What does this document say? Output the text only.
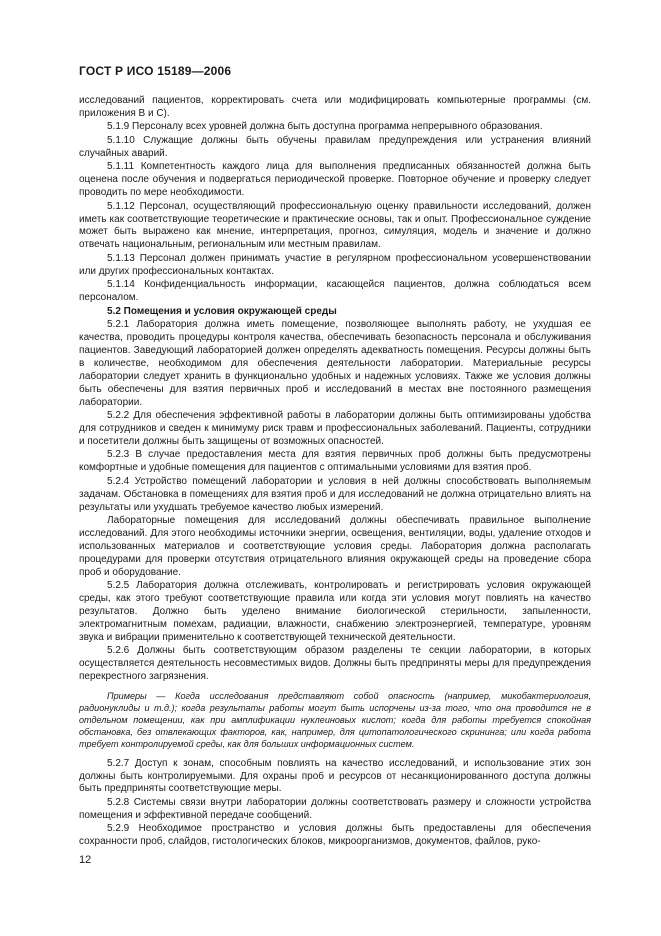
ГОСТ Р ИСО 15189—2006

исследований пациентов, корректировать счета или модифицировать компьютерные программы (см. приложения B и C).

5.1.9 Персоналу всех уровней должна быть доступна программа непрерывного образования.

5.1.10 Служащие должны быть обучены правилам предупреждения или устранения влияний случайных аварий.

5.1.11 Компетентность каждого лица для выполнения предписанных обязанностей должна быть оценена после обучения и подвергаться периодической проверке. Повторное обучение и проверку следует проводить по мере необходимости.

5.1.12 Персонал, осуществляющий профессиональную оценку правильности исследований, должен иметь как соответствующие теоретические и практические основы, так и опыт. Профессиональное суждение может быть выражено как мнение, интерпретация, прогноз, симуляция, модель и значение и должно отвечать национальным, региональным или местным правилам.

5.1.13 Персонал должен принимать участие в регулярном профессиональном усовершенствовании или других профессиональных контактах.

5.1.14 Конфиденциальность информации, касающейся пациентов, должна соблюдаться всем персоналом.

5.2 Помещения и условия окружающей среды

5.2.1 Лаборатория должна иметь помещение, позволяющее выполнять работу, не ухудшая ее качества, проводить процедуры контроля качества, обеспечивать безопасность персонала и обслуживания пациентов. Заведующий лабораторией должен определять адекватность помещения. Ресурсы должны быть в количестве, необходимом для обеспечения деятельности лаборатории. Материальные ресурсы лаборатории следует хранить в функционально удобных и надежных условиях. Также же условия должны быть обеспечены для взятия первичных проб и исследований в местах вне постоянного размещения лаборатории.

5.2.2 Для обеспечения эффективной работы в лаборатории должны быть оптимизированы удобства для сотрудников и сведен к минимуму риск травм и профессиональных заболеваний. Пациенты, сотрудники и посетители должны быть защищены от возможных опасностей.

5.2.3 В случае предоставления места для взятия первичных проб должны быть предусмотрены комфортные и удобные помещения для пациентов с оптимальными условиями для взятия проб.

5.2.4 Устройство помещений лаборатории и условия в ней должны способствовать выполняемым задачам. Обстановка в помещениях для взятия проб и для исследований не должна отрицательно влиять на результаты или ухудшать требуемое качество любых измерений.

Лабораторные помещения для исследований должны обеспечивать правильное выполнение исследований. Для этого необходимы источники энергии, освещения, вентиляции, воды, удаление отходов и использованных материалов и соответствующие условия среды. Лаборатория должна располагать процедурами для проверки отсутствия отрицательного влияния окружающей среды на проведение сбора проб и оборудование.

5.2.5 Лаборатория должна отслеживать, контролировать и регистрировать условия окружающей среды, как этого требуют соответствующие правила или когда эти условия могут повлиять на качество результатов. Должно быть уделено внимание биологической стерильности, запыленности, электромагнитным помехам, радиации, влажности, снабжению электроэнергией, температуре, уровням звука и вибрации применительно к соответствующей технической деятельности.

5.2.6 Должны быть соответствующим образом разделены те секции лаборатории, в которых осуществляется деятельность несовместимых видов. Должны быть предприняты меры для предупреждения перекрестного загрязнения.

Примеры — Когда исследования представляют собой опасность (например, микобактериология, радионуклиды и т.д.); когда результаты работы могут быть испорчены из-за того, что она проводится не в отдельном помещении, как при амплификации нуклеиновых кислот; когда для работы требуется спокойная обстановка, без отвлекающих факторов, как, например, для цитопатологического скрининга; или когда работа требует контролируемой среды, как для больших информационных систем.

5.2.7 Доступ к зонам, способным повлиять на качество исследований, и использование этих зон должны быть контролируемыми. Для охраны проб и ресурсов от несанкционированного доступа должны быть предприняты соответствующие меры.

5.2.8 Системы связи внутри лаборатории должны соответствовать размеру и сложности устройства помещения и эффективной передаче сообщений.

5.2.9 Необходимое пространство и условия должны быть предоставлены для обеспечения сохранности проб, слайдов, гистологических блоков, микроорганизмов, документов, файлов, руко-

12
